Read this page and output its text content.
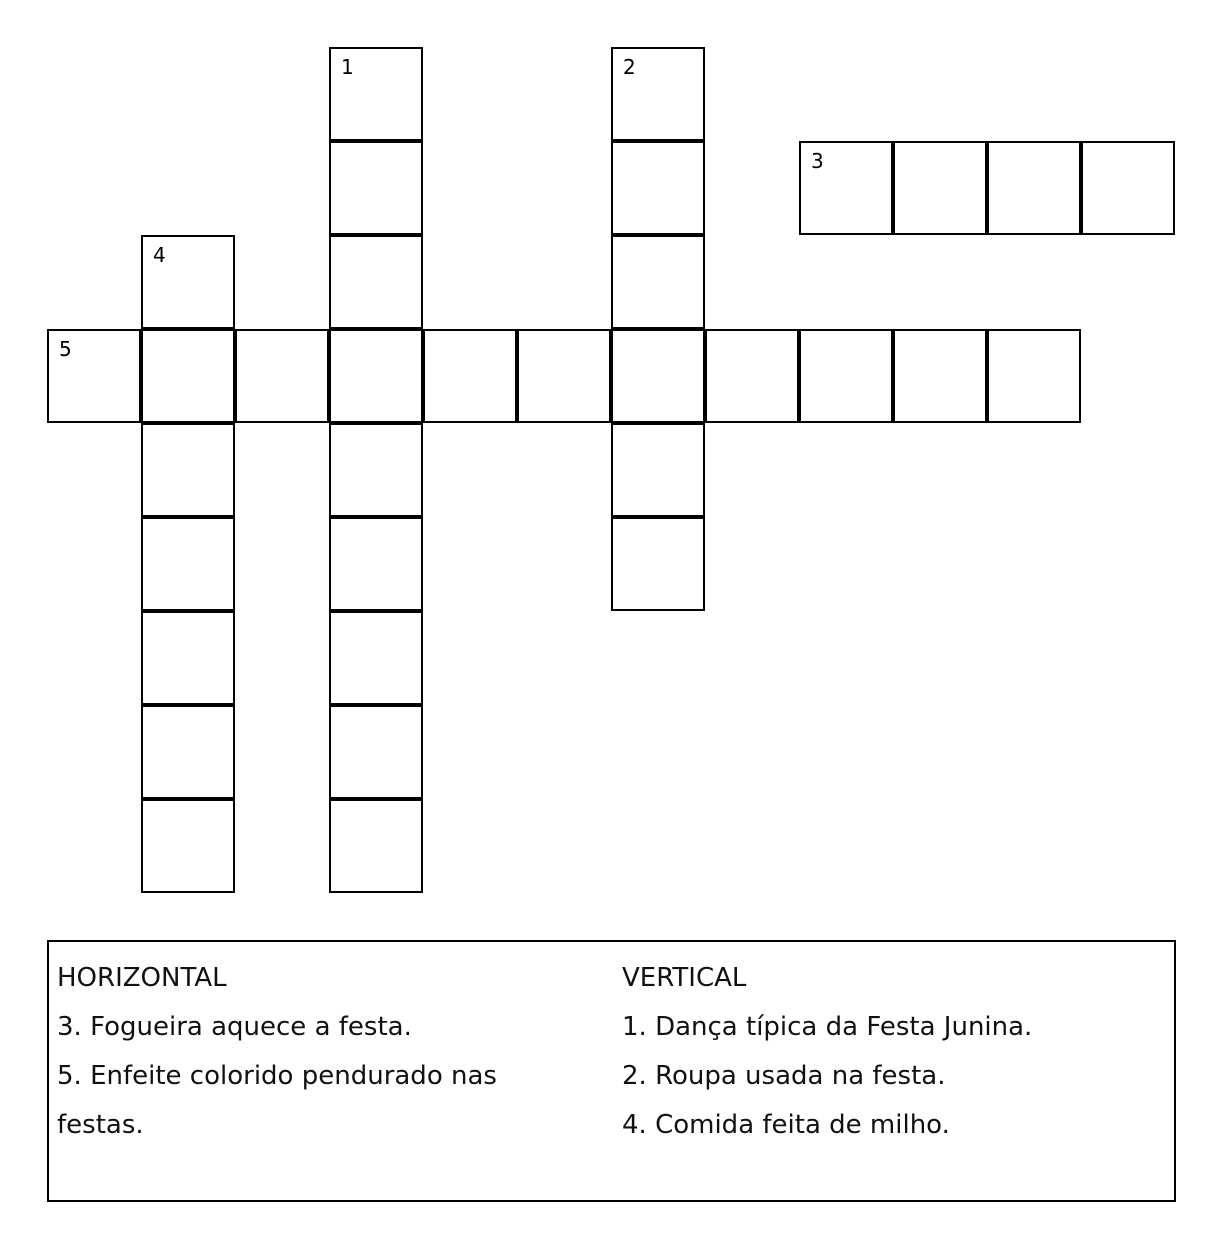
1	2
3
4
5
HORIZONTAL
3. Fogueira aquece a festa.
5. Enfeite colorido pendurado nas
festas.
VERTICAL
1. Dança típica da Festa Junina.
2. Roupa usada na festa.
4. Comida feita de milho.
